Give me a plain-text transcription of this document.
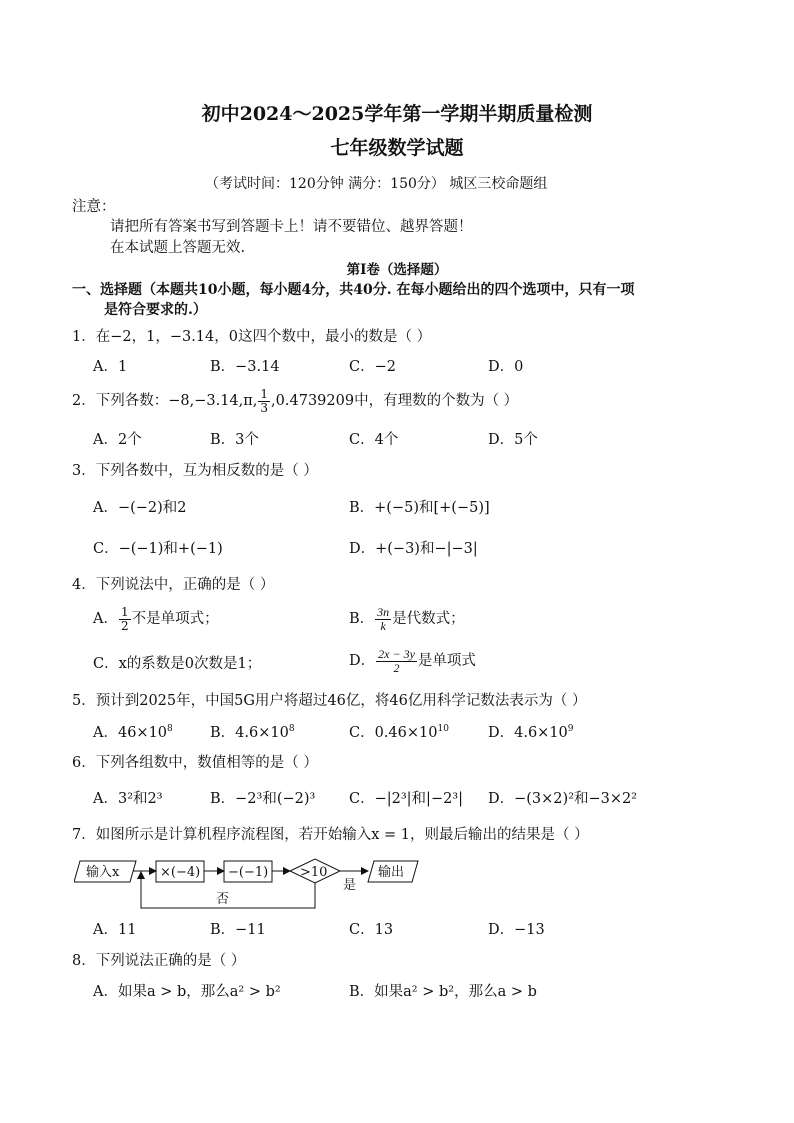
初中2024～2025学年第一学期半期质量检测
七年级数学试题
（考试时间：120分钟 满分：150分） 城区三校命题组
注意：
请把所有答案书写到答题卡上！请不要错位、越界答题！
在本试题上答题无效.
第Ⅰ卷（选择题）
一、选择题（本题共10小题，每小题4分，共40分. 在每小题给出的四个选项中，只有一项
是符合要求的.）
1．在−2，1，−3.14，0这四个数中，最小的数是（ ）
A．1	B．−3.14	C．−2	D．0
2．下列各数：−8,−3.14,π, $\frac{1}{3} ,0.4739209$中，有理数的个数为（ ）
A．2个	B．3个	C．4个	D．5个
3．下列各数中，互为相反数的是（ ）
A．−(−2)和2	B．+(−5)和[+(−5)]
C．−(−1)和+(−1)	D．+(−3)和−|−3|
4．下列说法中，正确的是（ ）
A． $\frac{1}{2}$ 不是单项式；	B． $\frac{3n}{k}$ 是代数式；
C．x的系数是0次数是1；	D． $\frac{2x - 3y}{2}$ 是单项式
5．预计到2025年，中国5G用户将超过46亿，将46亿用科学记数法表示为（ ）
A．$46\times 10^8$	B．$4.6\times 10^8$	C．$0.46\times 10^{10}$	D．$4.6\times 10^9$
6．下列各组数中，数值相等的是（ ）
A．3²和2³	B．−2³和(−2)³ C．−|2³|和|−2³| D．−(3×2)²和−3×2²
7．如图所示是计算机程序流程图，若开始输入x = 1，则最后输出的结果是（ ）
输入x	×(−4) −(−1) >10
是
输出
否
A．11	B．−11	C．13	D．−13
8．下列说法正确的是（ ）
A．如果a > b，那么a² > b²	B．如果a² > b²，那么a > b
